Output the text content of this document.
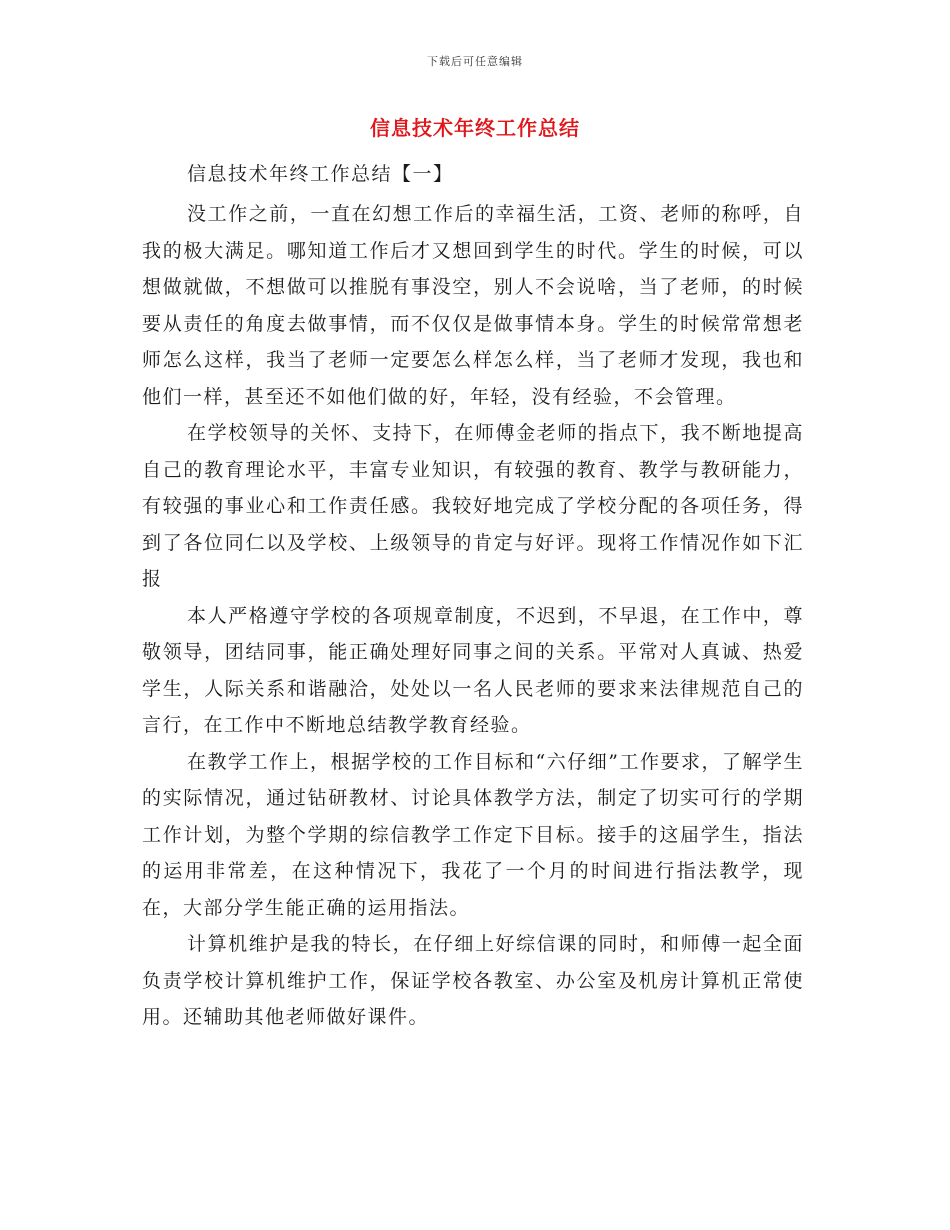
下载后可任意编辑
信息技术年终工作总结
信息技术年终工作总结【一】

没工作之前，一直在幻想工作后的幸福生活，工资、老师的称呼，自我的极大满足。哪知道工作后才又想回到学生的时代。学生的时候，可以想做就做，不想做可以推脱有事没空，别人不会说啥，当了老师，的时候要从责任的角度去做事情，而不仅仅是做事情本身。学生的时候常常想老师怎么这样，我当了老师一定要怎么样怎么样，当了老师才发现，我也和他们一样，甚至还不如他们做的好，年轻，没有经验，不会管理。

在学校领导的关怀、支持下，在师傅金老师的指点下，我不断地提高自己的教育理论水平，丰富专业知识，有较强的教育、教学与教研能力，有较强的事业心和工作责任感。我较好地完成了学校分配的各项任务，得到了各位同仁以及学校、上级领导的肯定与好评。现将工作情况作如下汇报

本人严格遵守学校的各项规章制度，不迟到，不早退，在工作中，尊敬领导，团结同事，能正确处理好同事之间的关系。平常对人真诚、热爱学生，人际关系和谐融洽，处处以一名人民老师的要求来法律规范自己的言行，在工作中不断地总结教学教育经验。

在教学工作上，根据学校的工作目标和“六仔细”工作要求，了解学生的实际情况，通过钻研教材、讨论具体教学方法，制定了切实可行的学期工作计划，为整个学期的综信教学工作定下目标。接手的这届学生，指法的运用非常差，在这种情况下，我花了一个月的时间进行指法教学，现在，大部分学生能正确的运用指法。

计算机维护是我的特长，在仔细上好综信课的同时，和师傅一起全面负责学校计算机维护工作，保证学校各教室、办公室及机房计算机正常使用。还辅助其他老师做好课件。
